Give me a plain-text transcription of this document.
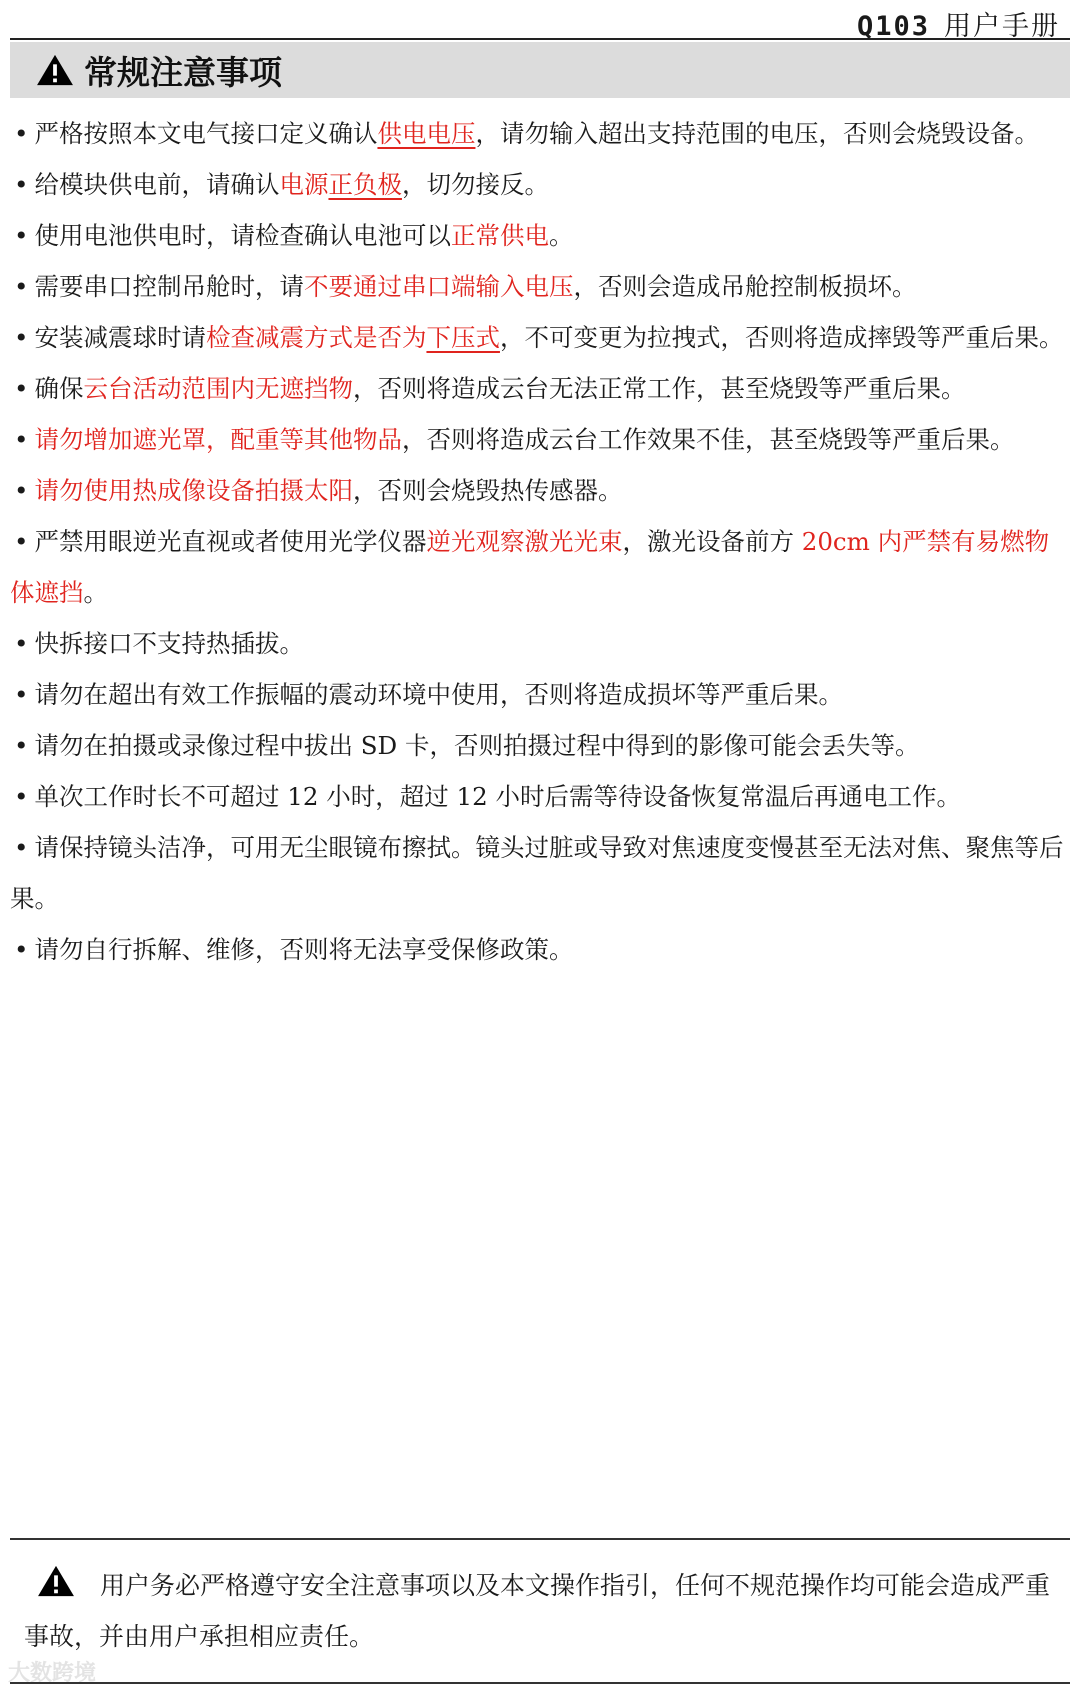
Q103 用户手册
常规注意事项

• 严格按照本文电气接口定义确认供电电压，请勿输入超出支持范围的电压，否则会烧毁设备。

• 给模块供电前，请确认电源正负极，切勿接反。

• 使用电池供电时，请检查确认电池可以正常供电。

• 需要串口控制吊舱时，请不要通过串口端输入电压，否则会造成吊舱控制板损坏。

• 安装减震球时请检查减震方式是否为下压式，不可变更为拉拽式，否则将造成摔毁等严重后果。

• 确保云台活动范围内无遮挡物，否则将造成云台无法正常工作，甚至烧毁等严重后果。

• 请勿增加遮光罩，配重等其他物品，否则将造成云台工作效果不佳，甚至烧毁等严重后果。

• 请勿使用热成像设备拍摄太阳，否则会烧毁热传感器。

• 严禁用眼逆光直视或者使用光学仪器逆光观察激光光束，激光设备前方 20cm 内严禁有易燃物体遮挡。

• 快拆接口不支持热插拔。

• 请勿在超出有效工作振幅的震动环境中使用，否则将造成损坏等严重后果。

• 请勿在拍摄或录像过程中拔出 SD 卡，否则拍摄过程中得到的影像可能会丢失等。

• 单次工作时长不可超过 12 小时，超过 12 小时后需等待设备恢复常温后再通电工作。

• 请保持镜头洁净，可用无尘眼镜布擦拭。镜头过脏或导致对焦速度变慢甚至无法对焦、聚焦等后果。

• 请勿自行拆解、维修，否则将无法享受保修政策。

用户务必严格遵守安全注意事项以及本文操作指引，任何不规范操作均可能会造成严重事故，并由用户承担相应责任。
大数跨境
